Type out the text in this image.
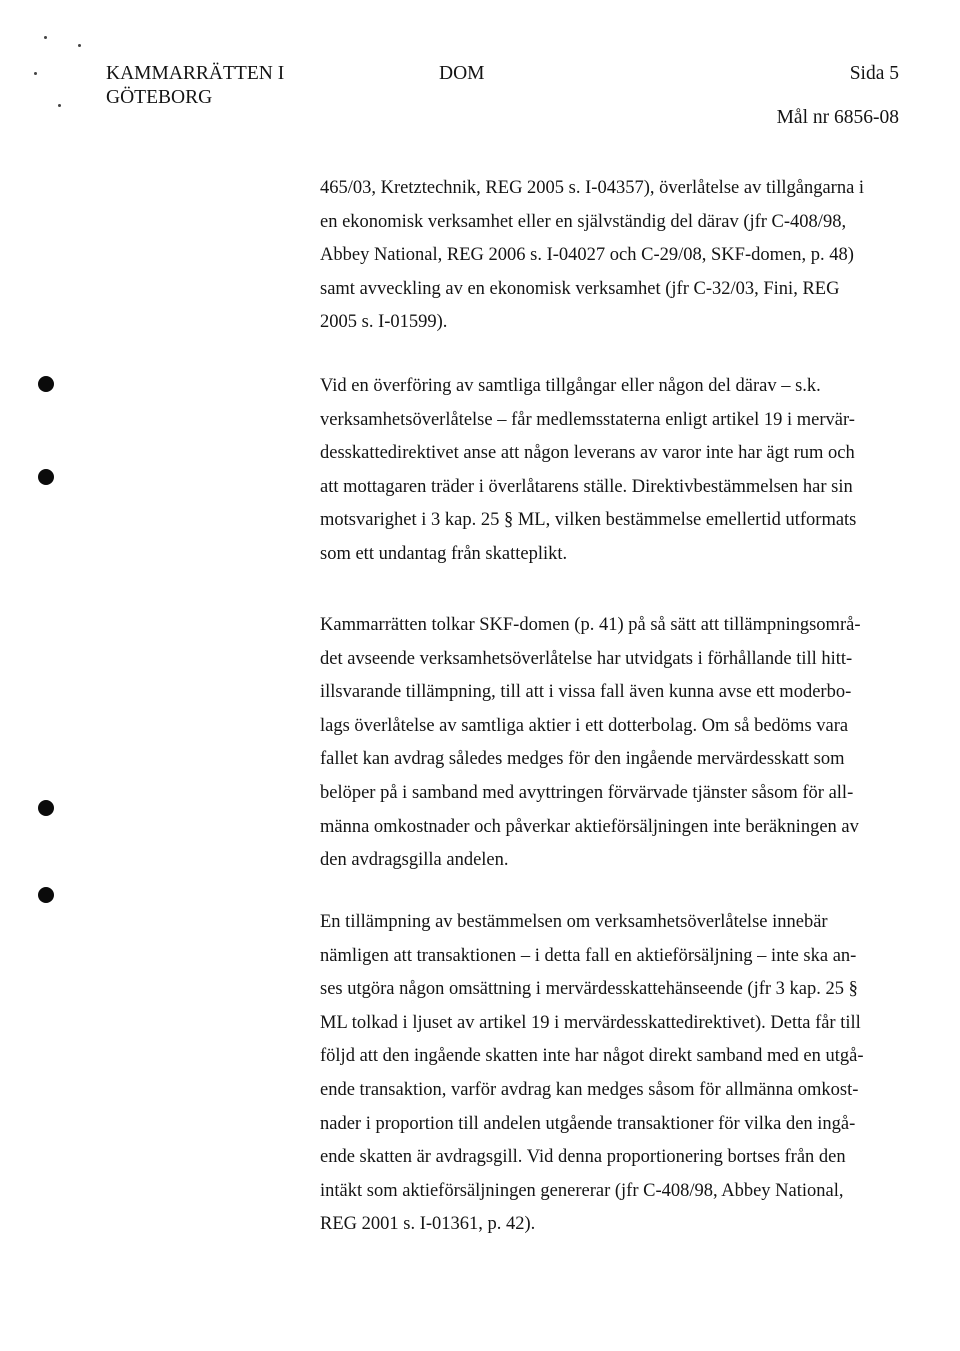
KAMMARRÄTTEN I
GÖTEBORG
DOM	Sida 5
Mål nr 6856-08
465/03, Kretztechnik, REG 2005 s. I-04357), överlåtelse av tillgångarna i
en ekonomisk verksamhet eller en självständig del därav (jfr C-408/98,
Abbey National, REG 2006 s. I-04027 och C-29/08, SKF-domen, p. 48)
samt avveckling av en ekonomisk verksamhet (jfr C-32/03, Fini, REG
2005 s. I-01599).
Vid en överföring av samtliga tillgångar eller någon del därav – s.k.
verksamhetsöverlåtelse – får medlemsstaterna enligt artikel 19 i mervär-
desskattedirektivet anse att någon leverans av varor inte har ägt rum och
att mottagaren träder i överlåtarens ställe. Direktivbestämmelsen har sin
motsvarighet i 3 kap. 25 § ML, vilken bestämmelse emellertid utformats
som ett undantag från skatteplikt.
Kammarrätten tolkar SKF-domen (p. 41) på så sätt att tillämpningsområ-
det avseende verksamhetsöverlåtelse har utvidgats i förhållande till hitt-
illsvarande tillämpning, till att i vissa fall även kunna avse ett moderbo-
lags överlåtelse av samtliga aktier i ett dotterbolag. Om så bedöms vara
fallet kan avdrag således medges för den ingående mervärdesskatt som
belöper på i samband med avyttringen förvärvade tjänster såsom för all-
männa omkostnader och påverkar aktieförsäljningen inte beräkningen av
den avdragsgilla andelen.
En tillämpning av bestämmelsen om verksamhetsöverlåtelse innebär
nämligen att transaktionen – i detta fall en aktieförsäljning – inte ska an-
ses utgöra någon omsättning i mervärdesskattehänseende (jfr 3 kap. 25 §
ML tolkad i ljuset av artikel 19 i mervärdesskattedirektivet). Detta får till
följd att den ingående skatten inte har något direkt samband med en utgå-
ende transaktion, varför avdrag kan medges såsom för allmänna omkost-
nader i proportion till andelen utgående transaktioner för vilka den ingå-
ende skatten är avdragsgill. Vid denna proportionering bortses från den
intäkt som aktieförsäljningen genererar (jfr C-408/98, Abbey National,
REG 2001 s. I-01361, p. 42).
